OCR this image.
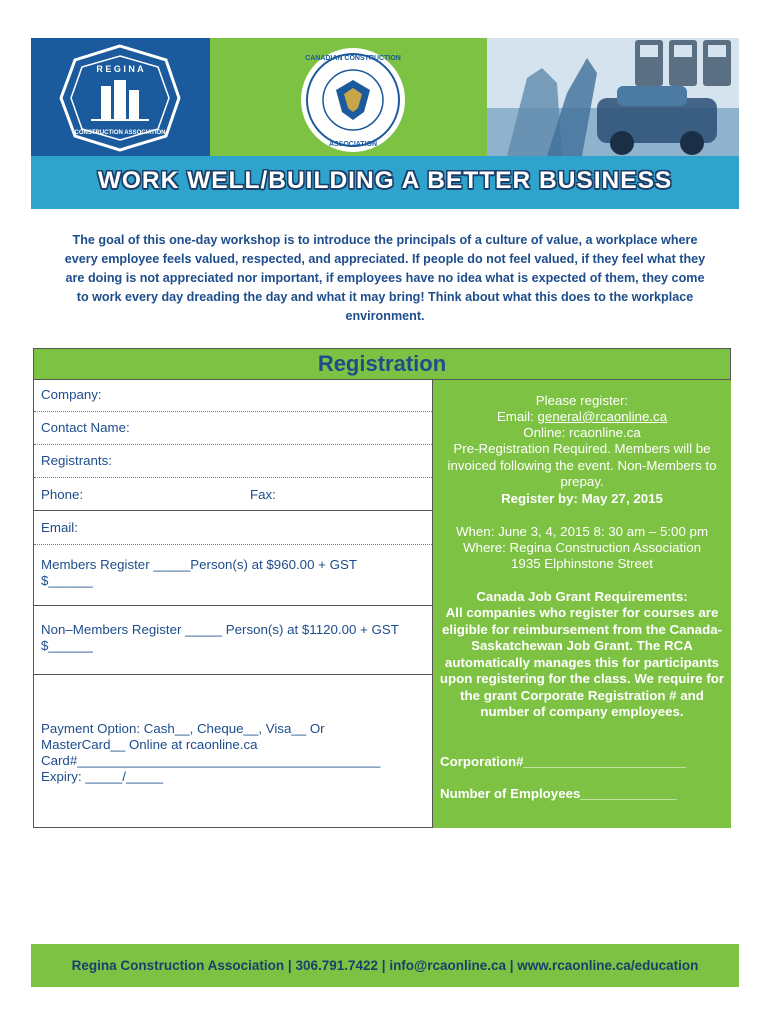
R E G I N A
CONSTRUCTION ASSOCIATION
CANADIAN CONSTRUCTION
ASSOCIATION
WORK WELL/BUILDING A BETTER BUSINESS
The goal of this one-day workshop is to introduce the principals of a culture of value, a workplace where every employee feels valued, respected, and appreciated. If people do not feel valued, if they feel what they are doing is not appreciated nor important, if employees have no idea what is expected of them, they come to work every day dreading the day and what it may bring! Think about what this does to the workplace environment.
Registration
Company:
Contact Name:
Registrants:
Phone:	Fax:
Email:
Members Register _____Person(s) at $960.00 + GST $______
Non–Members Register _____ Person(s) at $1120.00 + GST $______
Payment Option: Cash__, Cheque__, Visa__ Or
MasterCard__ Online at rcaonline.ca
Card#_________________________________________
Expiry: _____/_____
Please register:
Email: general@rcaonline.ca
Online: rcaonline.ca
Pre-Registration Required. Members will be invoiced following the event. Non-Members to prepay.
Register by: May 27, 2015
When: June 3, 4, 2015 8: 30 am – 5:00 pm
Where: Regina Construction Association
1935 Elphinstone Street
Canada Job Grant Requirements:
All companies who register for courses are eligible for reimbursement from the Canada-Saskatchewan Job Grant. The RCA automatically manages this for participants upon registering for the class. We require for the grant Corporate Registration # and number of company employees.
Corporation#______________________
Number of Employees_____________
Regina Construction Association | 306.791.7422 | info@rcaonline.ca | www.rcaonline.ca/education
